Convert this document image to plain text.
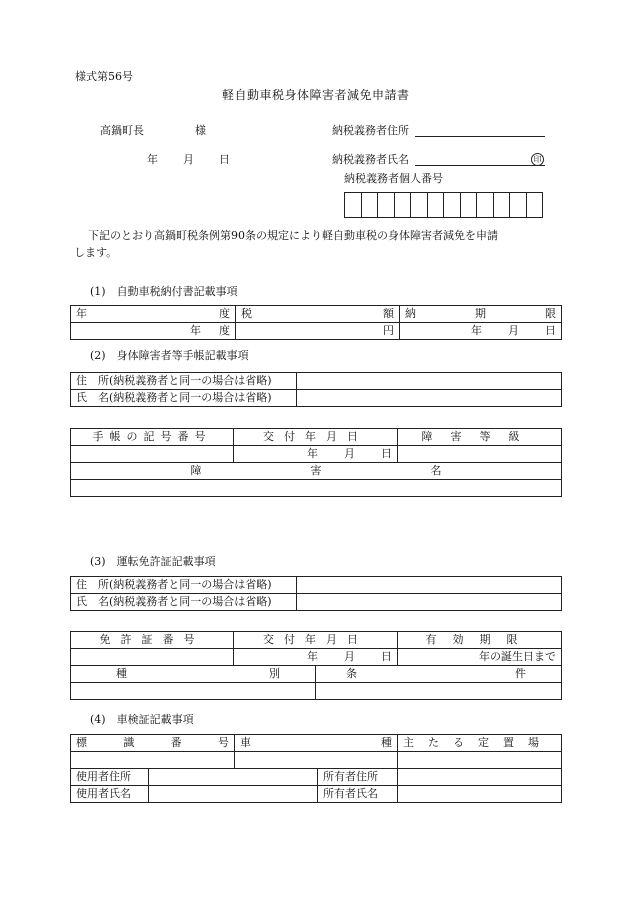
様式第56号
軽自動車税身体障害者減免申請書
高鍋町長	様	納税義務者住所
年 月 日	納税義務者氏名	印
納税義務者個人番号
下記のとおり高鍋町税条例第90条の規定により軽自動車税の身体障害者減免を申請
します。
(1)　自動車税納付書記載事項
年 度	税 額	納 期 限

年 度	円	年 月 日
(2)　身体障害者等手帳記載事項
住　所(納税義務者と同一の場合は省略)	
氏　名(納税義務者と同一の場合は省略)	
手帳の記号番号	交付年月日	障害等級

	年 月 日	

障 害 名		

(3)　運転免許証記載事項
住　所(納税義務者と同一の場合は省略)	
氏　名(納税義務者と同一の場合は省略)	
免許証番号	交付年月日		有効期限

	年 月 日		年の誕生日まで

種 別		条 件	

(4)　車検証記載事項
標 識 番 号		車 種		主たる定置場

使用者住所			所有者住所	
使用者氏名			所有者氏名	
